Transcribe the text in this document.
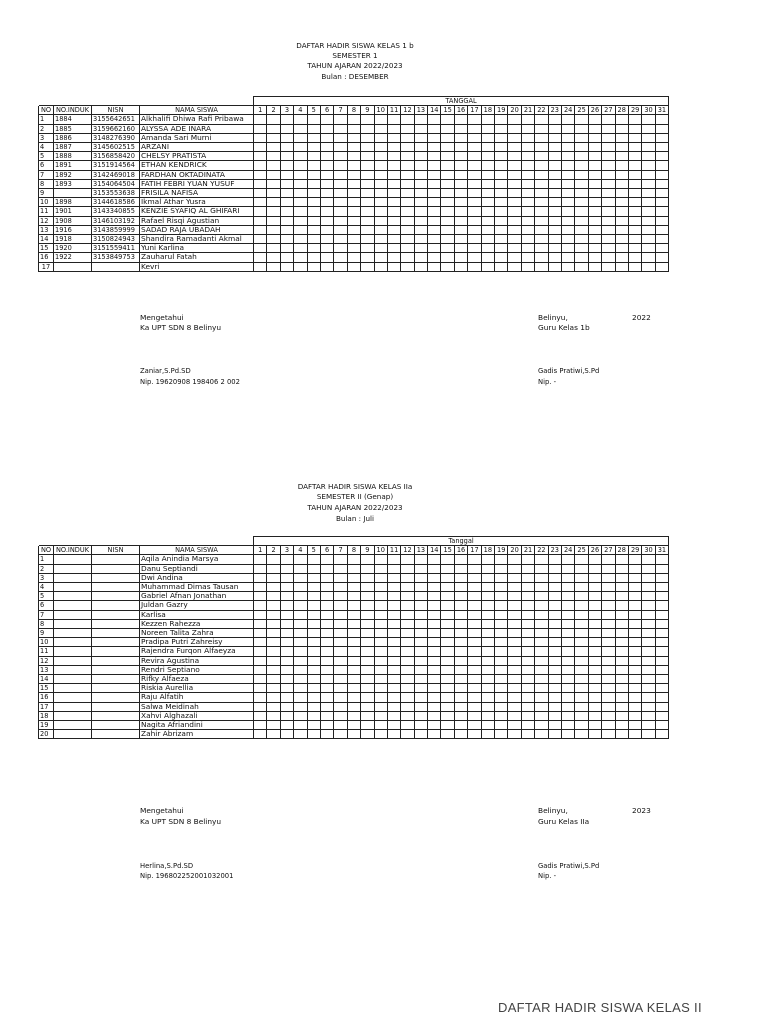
DAFTAR HADIR SISWA KELAS 1 b
SEMESTER 1
TAHUN AJARAN 2022/2023
Bulan : DESEMBER
				TANGGAL																														
NO	NO.INDUK	NISN	NAMA SISWA	1	2	3	4	5	6	7	8	9	10	11	12	13	14	15	16	17	18	19	20	21	22	23	24	25	26	27	28	29	30	31
1	1884	3155642651	Alkhalifi Dhiwa Rafi Pribawa																															
2	1885	3159662160	ALYSSA ADE INARA																															
3	1886	3148276390	Amanda Sari Murni																															
4	1887	3145602515	ARZANI																															
5	1888	3156858420	CHELSY PRATISTA																															
6	1891	3151914564	ETHAN KENDRICK																															
7	1892	3142469018	FARDHAN OKTADINATA																															
8	1893	3154064504	FATIH FEBRI YUAN YUSUF																															
9		3153553638	FRISILA NAFISA																															
10	1898	3144618586	Ikmal Athar Yusra																															
11	1901	3143340855	KENZIE SYAFIQ AL GHIFARI																															
12	1908	3146103192	Rafael Risqi Agustian																															
13	1916	3143859999	SADAD RAJA UBADAH																															
14	1918	3150824943	Shandira Ramadanti Akmal																															
15	1920	3151559411	Yuni Karlina																															
16	1922	3153849753	Zauharul Fatah																															
17			Kevri																															
Mengetahui
Ka UPT SDN 8 Belinyu
Zaniar,S.Pd.SD
Nip. 19620908 198406 2 002
Belinyu,	2022
Guru Kelas 1b
Gadis Pratiwi,S.Pd
Nip. -
DAFTAR HADIR SISWA KELAS IIa
SEMESTER II (Genap)
TAHUN AJARAN 2022/2023
Bulan : Juli
				Tanggal																														
NO	NO.INDUK	NISN	NAMA SISWA	1	2	3	4	5	6	7	8	9	10	11	12	13	14	15	16	17	18	19	20	21	22	23	24	25	26	27	28	29	30	31
1			Aqila Anindia Marsya																															
2			Danu Septiandi																															
3			Dwi Andina																															
4			Muhammad Dimas Tausan																															
5			Gabriel Afnan Jonathan																															
6			Juldan Gazry																															
7			Karlisa																															
8			Kezzen Rahezza																															
9			Noreen Talita Zahra																															
10			Pradipa Putri Zahreisy																															
11			Rajendra Furqon Alfaeyza																															
12			Revira Agustina																															
13			Rendri Septiano																															
14			Rifky Alfaeza																															
15			Riskia Aurellia																															
16			Raju Alfatih																															
17			Salwa Meidinah																															
18			Xahvi Alghazali																															
19			Nagita Afriandini																															
20			Zahir Abrizam																															
Mengetahui
Ka UPT SDN 8 Belinyu
Herlina,S.Pd.SD
Nip. 196802252001032001
Belinyu,	2023
Guru Kelas IIa
Gadis Pratiwi,S.Pd
Nip. -
DAFTAR HADIR SISWA KELAS II
